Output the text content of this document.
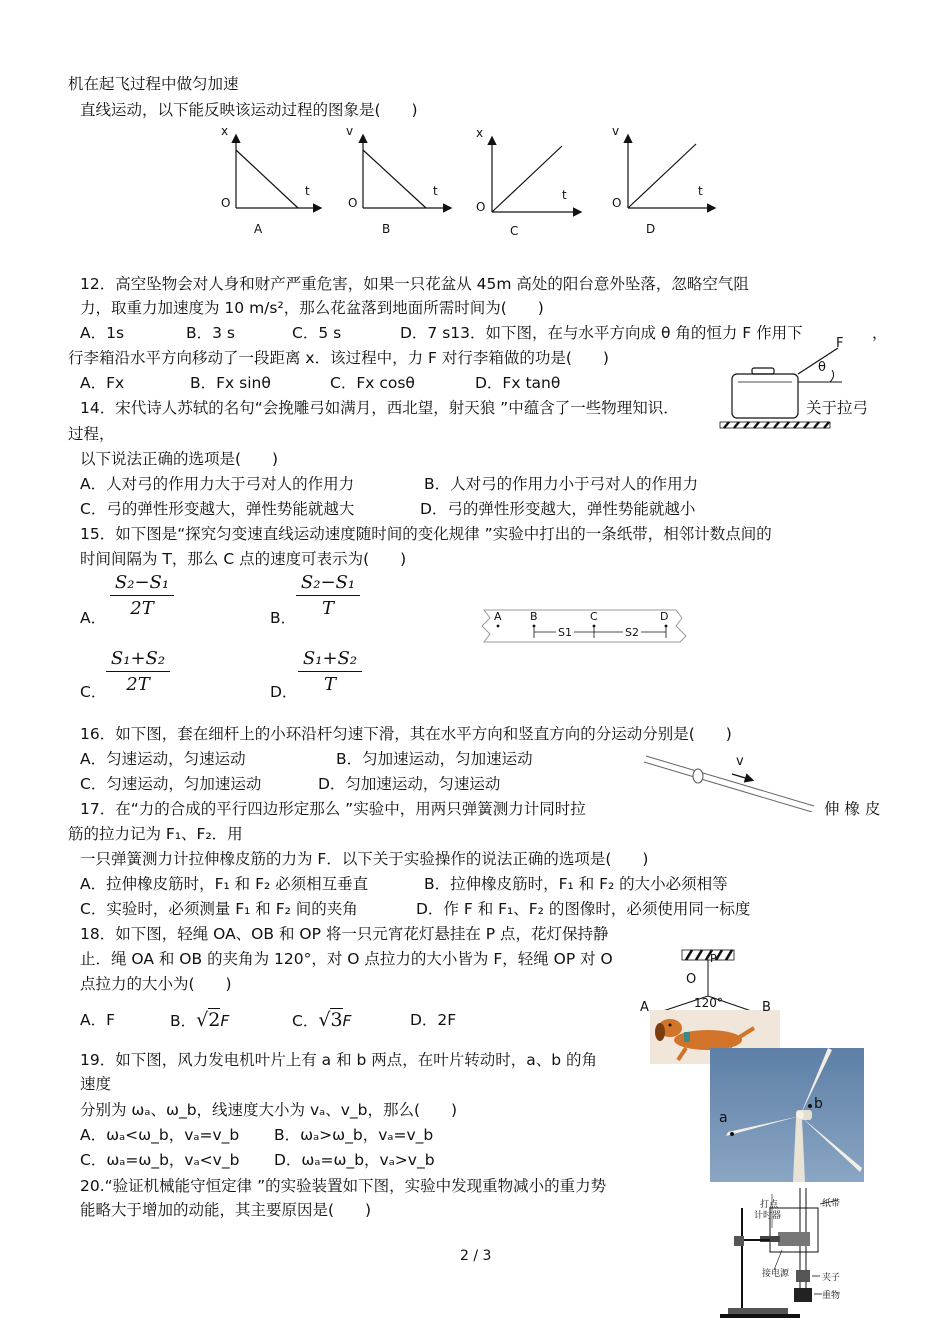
机在起飞过程中做匀加速
直线运动，以下能反映该运动过程的图象是(　　)
x
t
O
A
v
t
O
B
x
t
O
C
v
t
O
D
12．高空坠物会对人身和财产严重危害，如果一只花盆从 45m 高处的阳台意外坠落，忽略空气阻
力，取重力加速度为 10 m/s²，那么花盆落到地面所需时间为(　　)
A．1s	B．3 s	C．5 s	D．7 s13．如下图，在与水平方向成 θ 角的恒力 F 作用下	，
行李箱沿水平方向移动了一段距离 x．该过程中，力 F 对行李箱做的功是(　　)
A．Fx	B．Fx sinθ	C．Fx cosθ	D．Fx tanθ
F
θ
14．宋代诗人苏轼的名句“会挽雕弓如满月，西北望，射天狼 ”中蕴含了一些物理知识．	关于拉弓
过程，
以下说法正确的选项是(　　)
A．人对弓的作用力大于弓对人的作用力	B．人对弓的作用力小于弓对人的作用力
C．弓的弹性形变越大，弹性势能就越大	D．弓的弹性形变越大，弹性势能就越小
15．如下图是“探究匀变速直线运动速度随时间的变化规律 ”实验中打出的一条纸带，相邻计数点间的
时间间隔为 T，那么 C 点的速度可表示为(　　)
A． $\frac{\text{S₂−S₁}}{2T}$	B． $\frac{\text{S₂−S₁}}{T}$
C． $\frac{\text{S₁+S₂}}{2T}$	D． $\frac{\text{S₁+S₂}}{T}$
A	B	C	D
S1	S2
16．如下图，套在细杆上的小环沿杆匀速下滑，其在水平方向和竖直方向的分运动分别是(　　)
A．匀速运动，匀速运动	B．匀加速运动，匀加速运动
C．匀速运动，匀加速运动	D．匀加速运动，匀速运动
v
17．在“力的合成的平行四边形定那么 ”实验中，用两只弹簧测力计同时拉	伸 橡 皮
筋的拉力记为 F₁、F₂．用
一只弹簧测力计拉伸橡皮筋的力为 F．以下关于实验操作的说法正确的选项是(　　)
A．拉伸橡皮筋时，F₁ 和 F₂ 必须相互垂直	B．拉伸橡皮筋时，F₁ 和 F₂ 的大小必须相等
C．实验时，必须测量 F₁ 和 F₂ 间的夹角	D．作 F 和 F₁、F₂ 的图像时，必须使用同一标度
18．如下图，轻绳 OA、OB 和 OP 将一只元宵花灯悬挂在 P 点，花灯保持静
止．绳 OA 和 OB 的夹角为 120°，对 O 点拉力的大小皆为 F，轻绳 OP 对 O
点拉力的大小为(　　)
A．F	B．√2F	C．√3F	D．2F
P
O
A	B
120°
19．如下图，风力发电机叶片上有 a 和 b 两点，在叶片转动时，a、b 的角
速度
分别为 ωₐ、ω_b，线速度大小为 vₐ、v_b，那么(　　)
A．ωₐ<ω_b，vₐ=v_b B．ωₐ>ω_b，vₐ=v_b
C．ωₐ=ω_b，vₐ<v_b D．ωₐ=ω_b，vₐ>v_b
a
b
20.“验证机械能守恒定律 ”的实验装置如下图，实验中发现重物减小的重力势
能略大于增加的动能，其主要原因是(　　)	打点
计时器
纸带
夹子
接电源
重物
2 / 3
